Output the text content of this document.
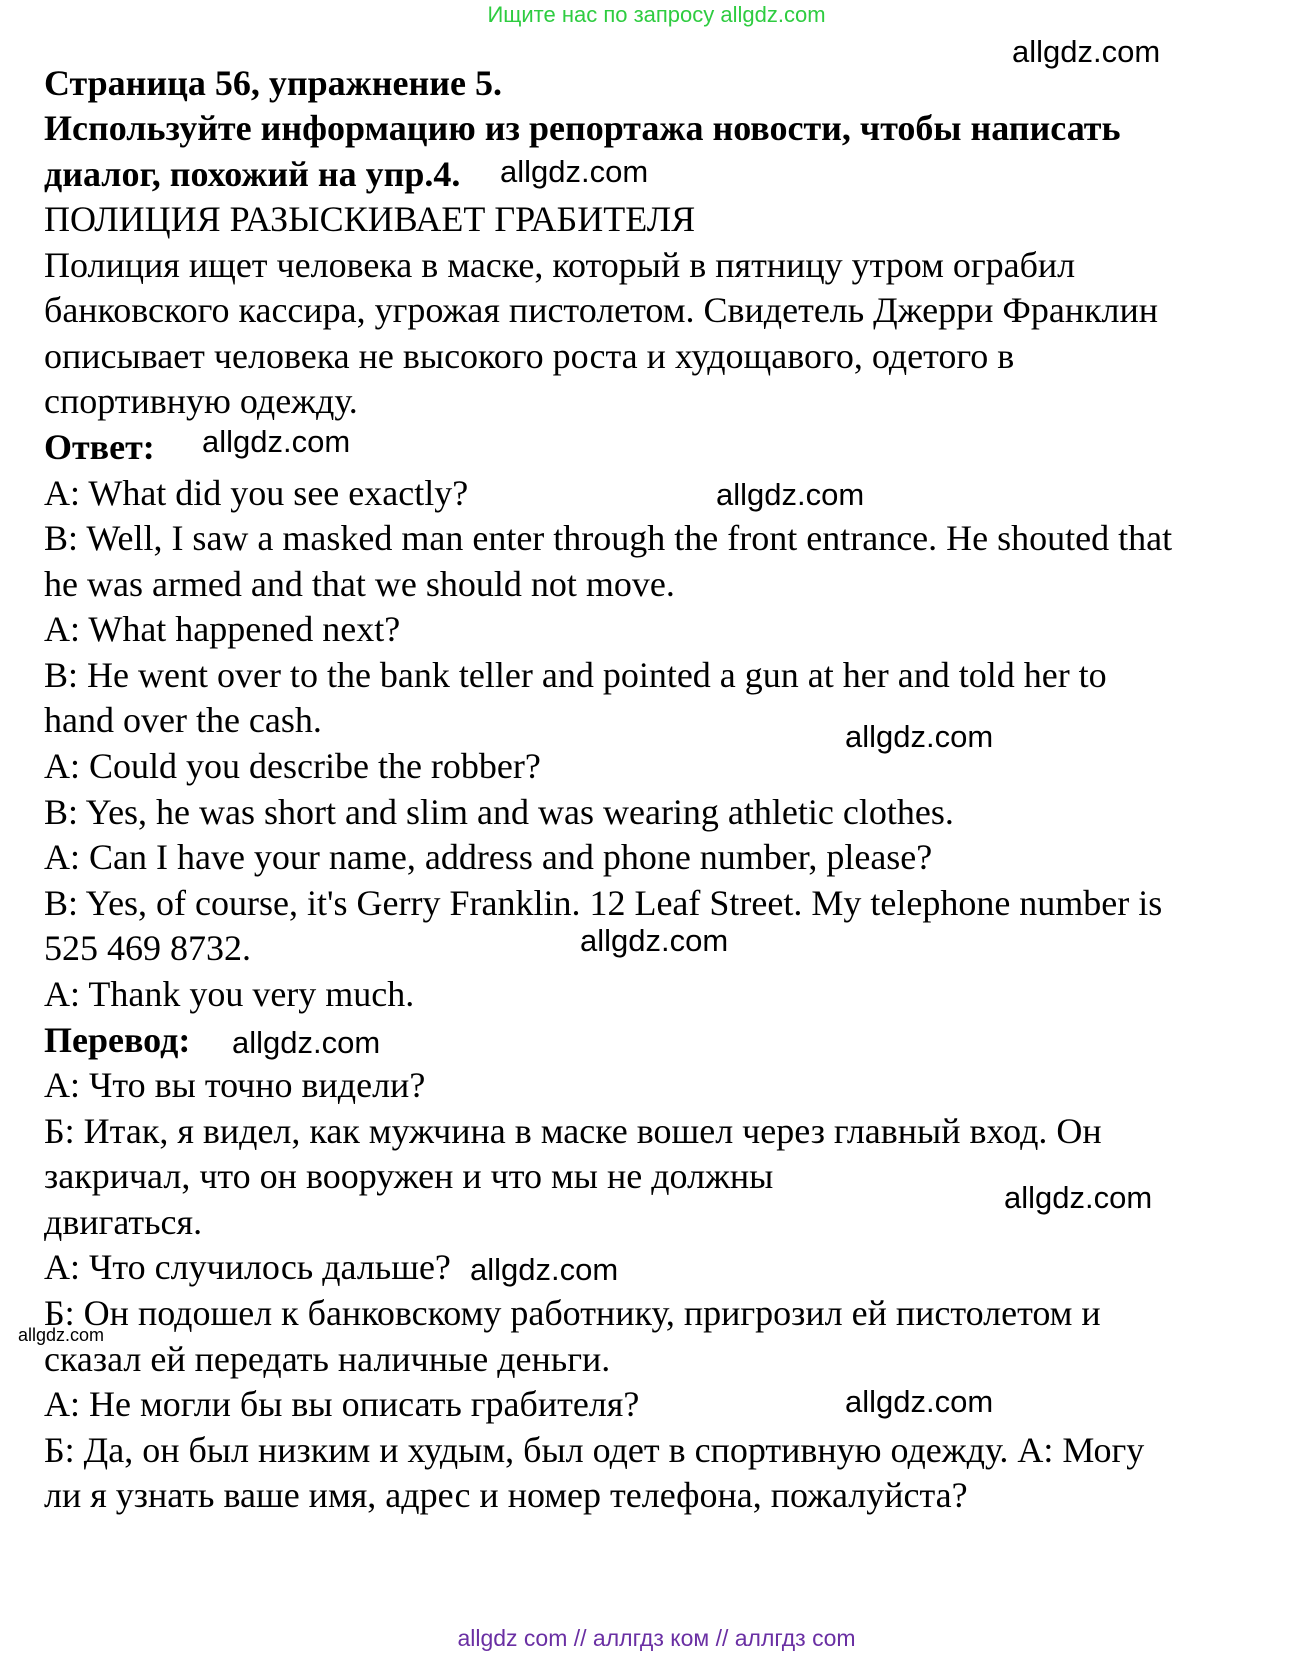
Ищите нас по запросу allgdz.com
Страница 56, упражнение 5.
Используйте информацию из репортажа новости, чтобы написать
диалог, похожий на упр.4.
ПОЛИЦИЯ РАЗЫСКИВАЕТ ГРАБИТЕЛЯ
Полиция ищет человека в маске, который в пятницу утром ограбил
банковского кассира, угрожая пистолетом. Свидетель Джерри Франклин
описывает человека не высокого роста и худощавого, одетого в
спортивную одежду.
Ответ:
A: What did you see exactly?
B: Well, I saw a masked man enter through the front entrance. He shouted that
he was armed and that we should not move.
A: What happened next?
B: He went over to the bank teller and pointed a gun at her and told her to
hand over the cash.
A: Could you describe the robber?
B: Yes, he was short and slim and was wearing athletic clothes.
A: Can I have your name, address and phone number, please?
B: Yes, of course, it's Gerry Franklin. 12 Leaf Street. My telephone number is
525 469 8732.
A: Thank you very much.
Перевод:
А: Что вы точно видели?
Б: Итак, я видел, как мужчина в маске вошел через главный вход. Он
закричал, что он вооружен и что мы не должны
двигаться.
А: Что случилось дальше?
Б: Он подошел к банковскому работнику, пригрозил ей пистолетом и
сказал ей передать наличные деньги.
А: Не могли бы вы описать грабителя?
Б: Да, он был низким и худым, был одет в спортивную одежду. А: Могу
ли я узнать ваше имя, адрес и номер телефона, пожалуйста?
allgdz.com
allgdz.com
allgdz.com
allgdz.com
allgdz.com
allgdz.com
allgdz.com
allgdz.com
allgdz.com
allgdz.com
allgdz.com
allgdz com // аллгдз ком // аллгдз com
